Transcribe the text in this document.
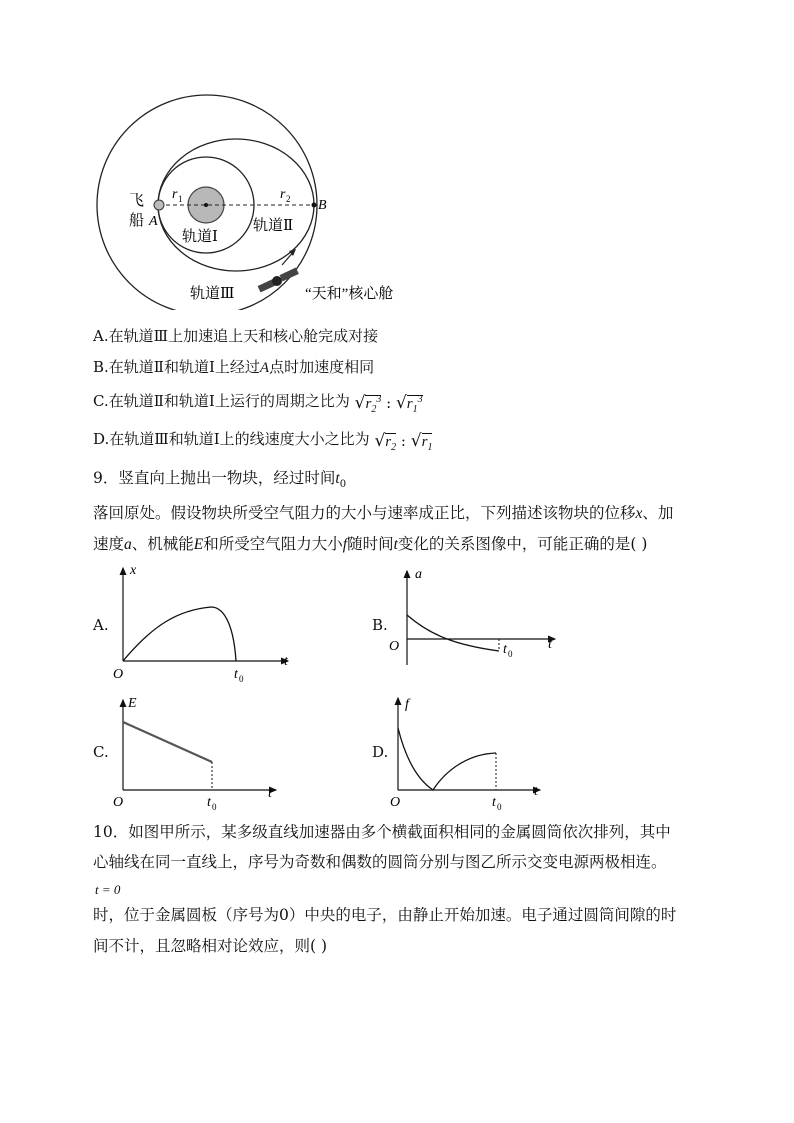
r 1	r 2
A
B
飞
船
轨道Ⅰ
轨道Ⅱ
轨道Ⅲ	“天和”核心舱
A.在轨道Ⅲ上加速追上天和核心舱完成对接
B.在轨道Ⅱ和轨道Ⅰ上经过A点时加速度相同
C.在轨道Ⅱ和轨道Ⅰ上运行的周期之比为 $√r_2^3$ : $√r_1^3$
D.在轨道Ⅲ和轨道Ⅰ上的线速度大小之比为 $√r_2$ : $√r_1$
9．竖直向上抛出一物块，经过时间$t_0$
落回原处。假设物块所受空气阻力的大小与速率成正比，下列描述该物块的位移x、加
速度a、机械能E和所受空气阻力大小f随时间t变化的关系图像中，可能正确的是( )
A.
x
t
O	t 0
B.
a
t
O	t 0
C.
E
t
O	t 0
D.
f
t
O	t 0
10．如图甲所示，某多级直线加速器由多个横截面积相同的金属圆筒依次排列，其中
心轴线在同一直线上，序号为奇数和偶数的圆筒分别与图乙所示交变电源两极相连。
t = 0
时，位于金属圆板（序号为0）中央的电子，由静止开始加速。电子通过圆筒间隙的时
间不计，且忽略相对论效应，则( )
